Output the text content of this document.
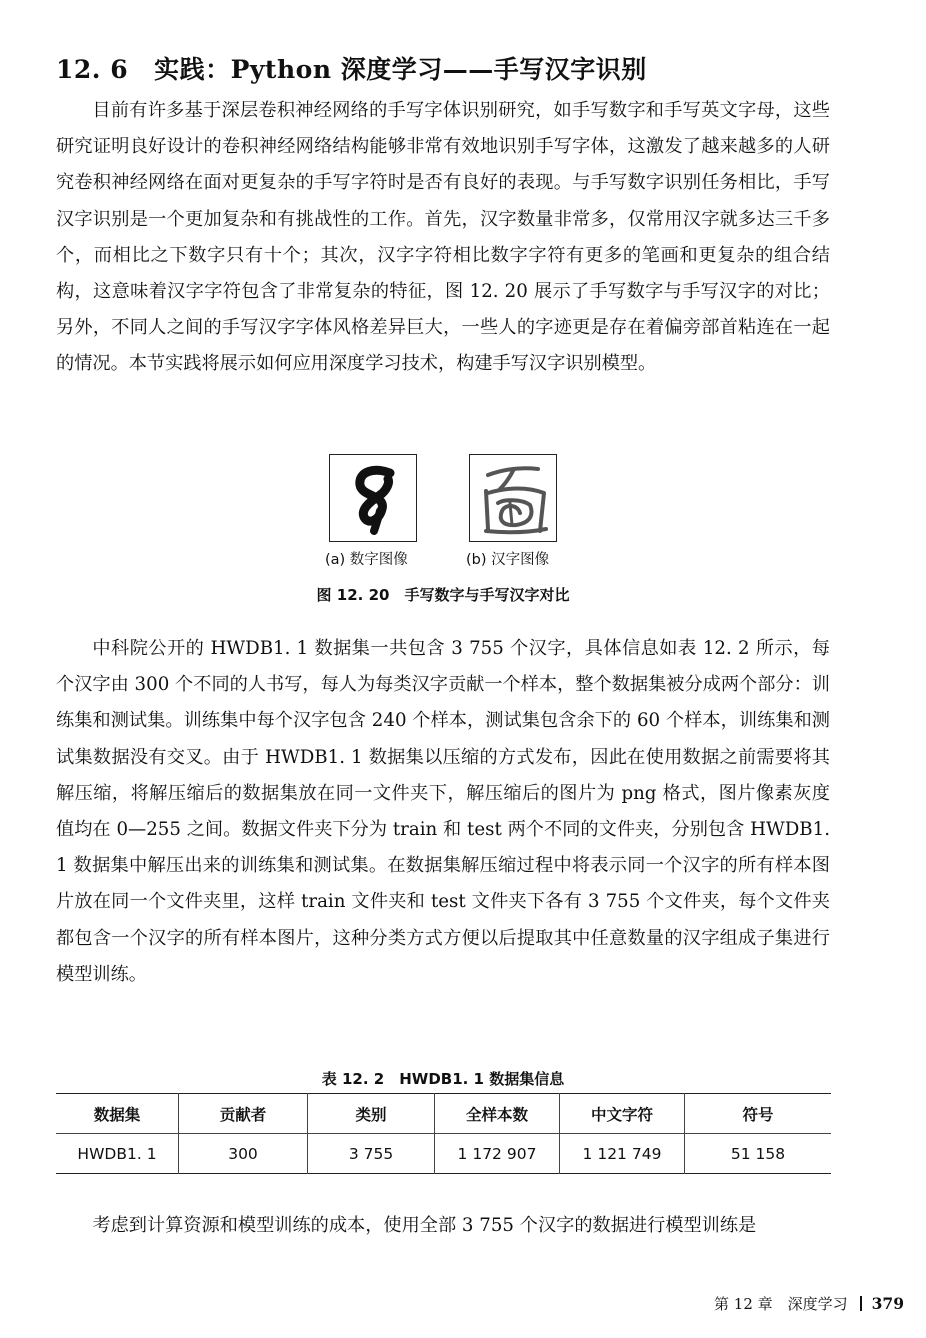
12. 6 实践：Python 深度学习——手写汉字识别

目前有许多基于深层卷积神经网络的手写字体识别研究，如手写数字和手写英文字母，这些研究证明良好设计的卷积神经网络结构能够非常有效地识别手写字体，这激发了越来越多的人研究卷积神经网络在面对更复杂的手写字符时是否有良好的表现。与手写数字识别任务相比，手写汉字识别是一个更加复杂和有挑战性的工作。首先，汉字数量非常多，仅常用汉字就多达三千多个，而相比之下数字只有十个；其次，汉字字符相比数字字符有更多的笔画和更复杂的组合结构，这意味着汉字字符包含了非常复杂的特征，图 12. 20 展示了手写数字与手写汉字的对比；另外，不同人之间的手写汉字字体风格差异巨大，一些人的字迹更是存在着偏旁部首粘连在一起的情况。本节实践将展示如何应用深度学习技术，构建手写汉字识别模型。

(a) 数字图像	(b) 汉字图像
图 12. 20　手写数字与手写汉字对比

中科院公开的 HWDB1. 1 数据集一共包含 3 755 个汉字，具体信息如表 12. 2 所示，每个汉字由 300 个不同的人书写，每人为每类汉字贡献一个样本，整个数据集被分成两个部分：训练集和测试集。训练集中每个汉字包含 240 个样本，测试集包含余下的 60 个样本，训练集和测试集数据没有交叉。由于 HWDB1. 1 数据集以压缩的方式发布，因此在使用数据之前需要将其解压缩，将解压缩后的数据集放在同一文件夹下，解压缩后的图片为 png 格式，图片像素灰度值均在 0—255 之间。数据文件夹下分为 train 和 test 两个不同的文件夹，分别包含 HWDB1. 1 数据集中解压出来的训练集和测试集。在数据集解压缩过程中将表示同一个汉字的所有样本图片放在同一个文件夹里，这样 train 文件夹和 test 文件夹下各有 3 755 个文件夹，每个文件夹都包含一个汉字的所有样本图片，这种分类方式方便以后提取其中任意数量的汉字组成子集进行模型训练。

表 12. 2　HWDB1. 1 数据集信息
数据集	贡献者	类别	全样本数	中文字符	符号
HWDB1. 1	300	3 755	1 172 907	1 121 749	51 158

考虑到计算资源和模型训练的成本，使用全部 3 755 个汉字的数据进行模型训练是

第 12 章　深度学习 379
